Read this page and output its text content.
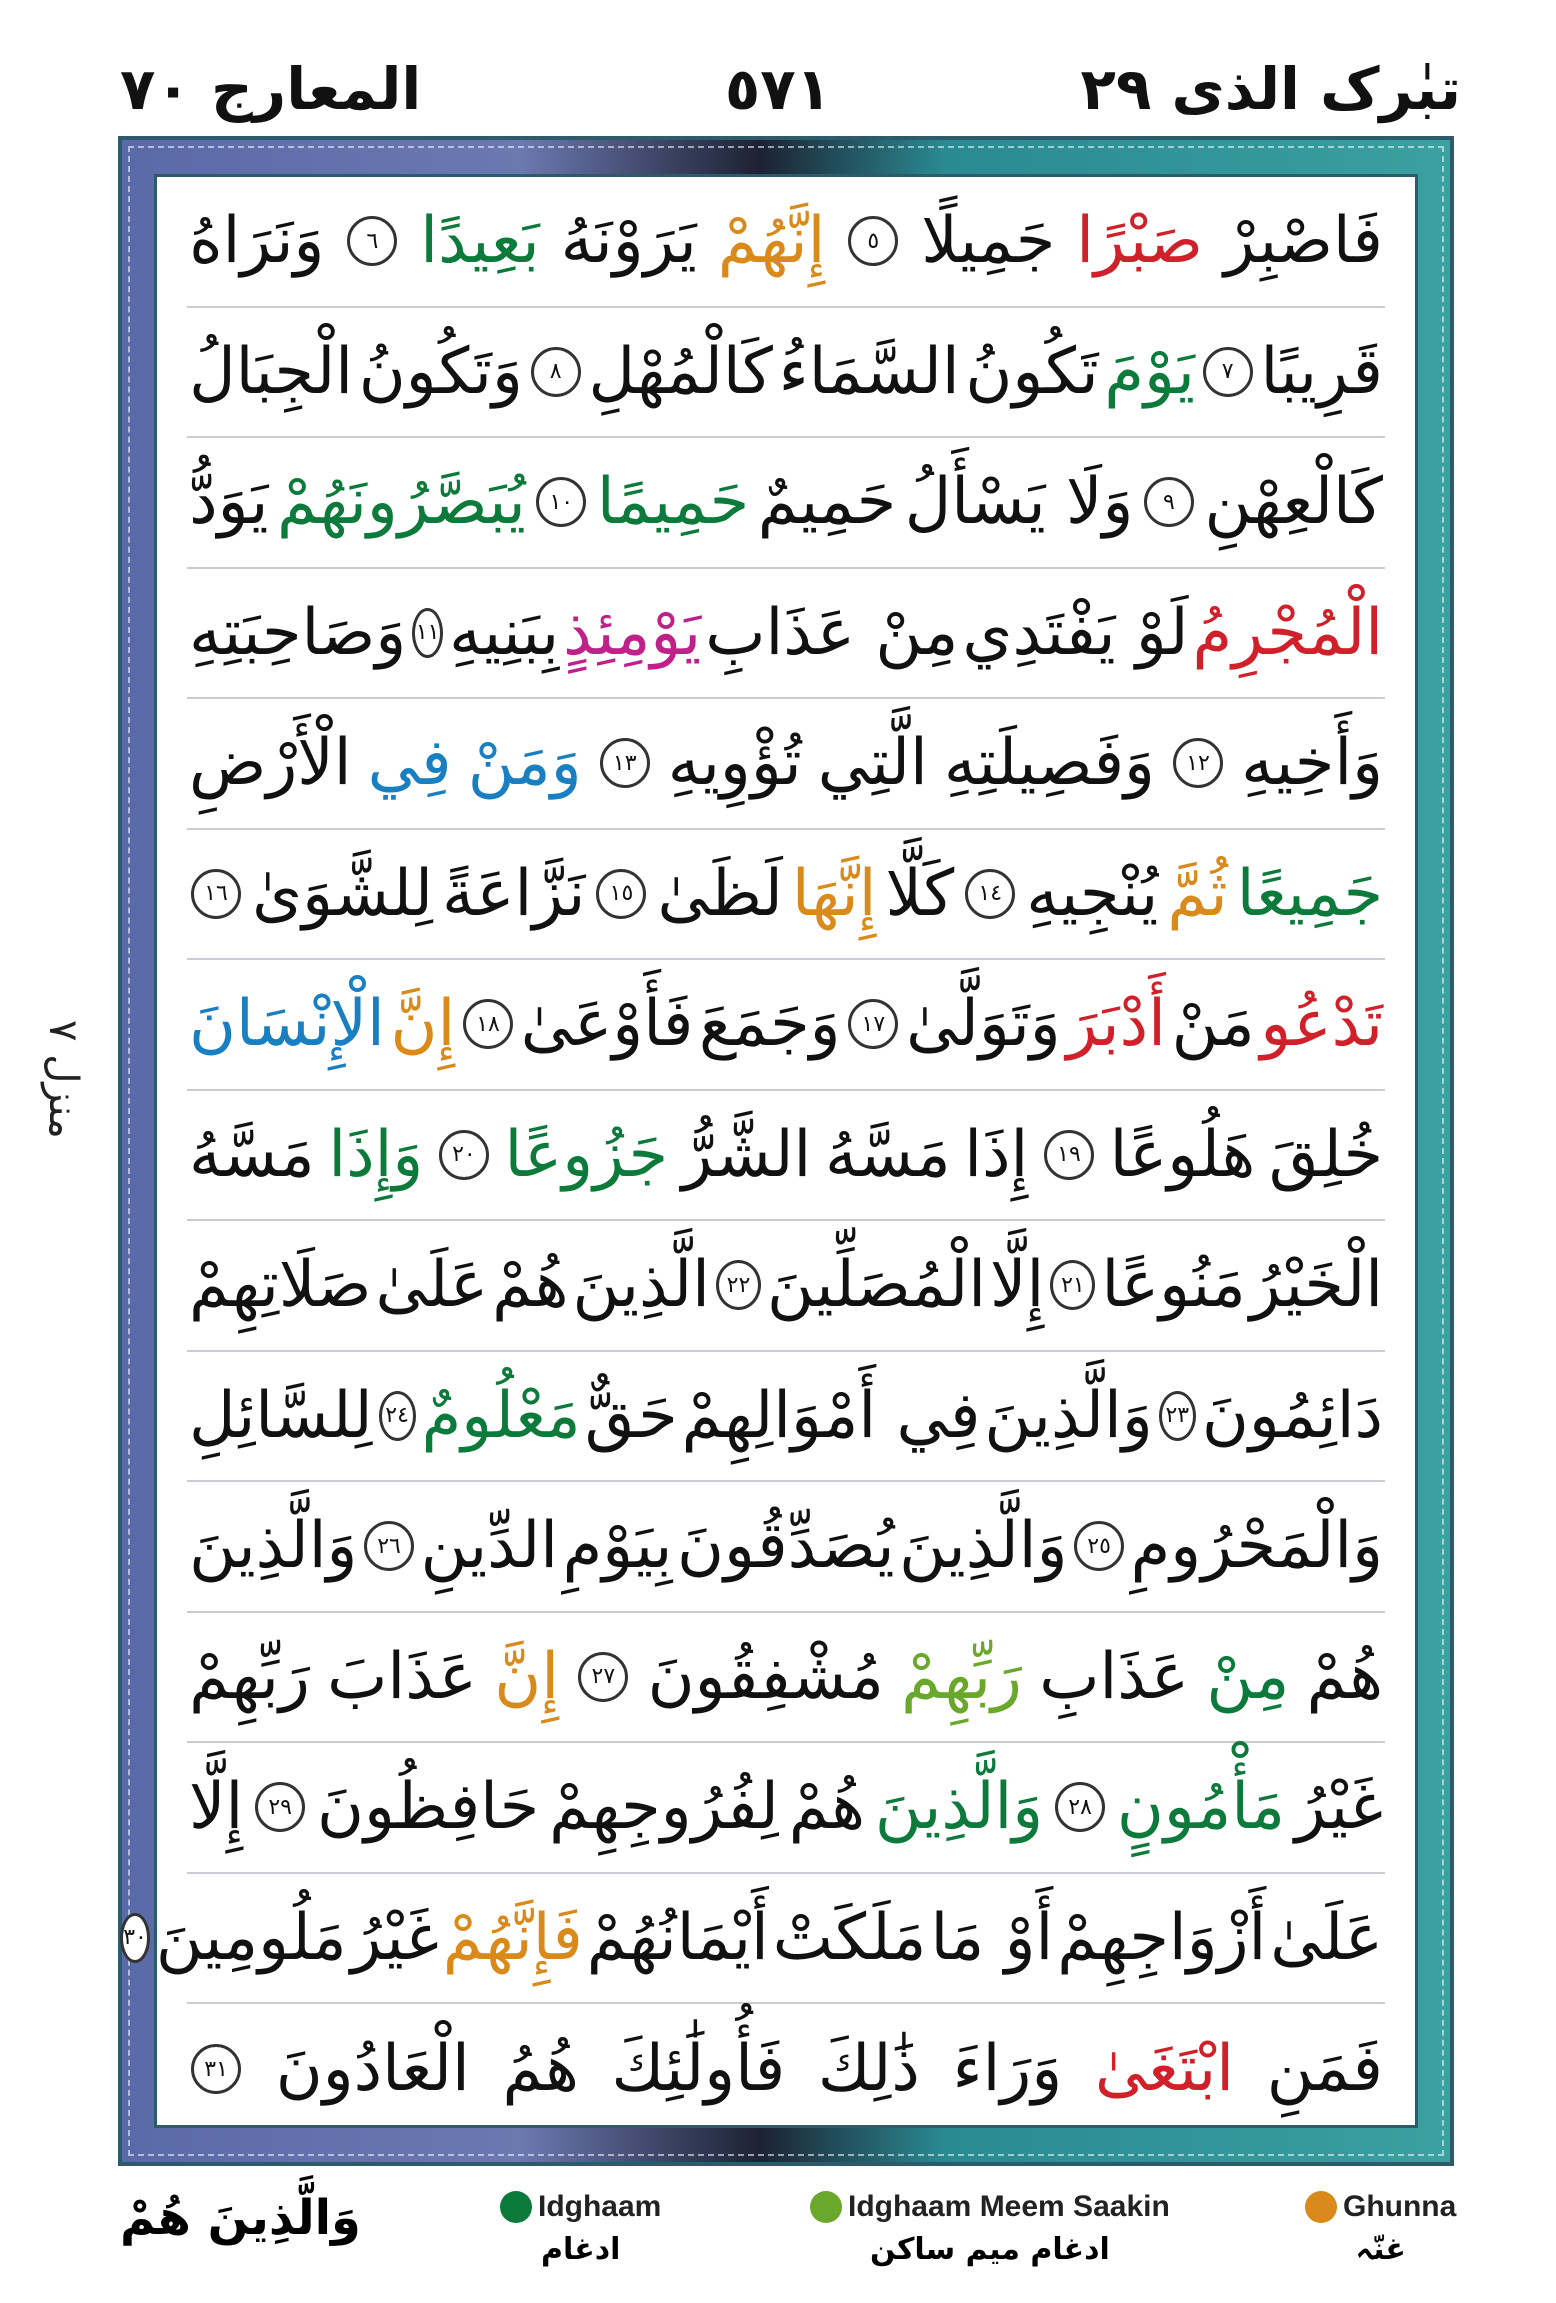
تبٰرک الذی ٢٩
٥٧١
المعارج ٧٠
منزل ٧
فَاصْبِرْ
صَبْرًا
جَمِيلًا
٥
إِنَّهُمْ
يَرَوْنَهُ
بَعِيدًا
٦
وَنَرَاهُ
قَرِيبًا
٧
يَوْمَ
تَكُونُ
السَّمَاءُ
كَالْمُهْلِ
٨
وَتَكُونُ
الْجِبَالُ
كَالْعِهْنِ
٩
وَلَا يَسْأَلُ
حَمِيمٌ
حَمِيمًا
١٠
يُبَصَّرُونَهُمْ
يَوَدُّ
الْمُجْرِمُ
لَوْ يَفْتَدِي
مِنْ عَذَابِ
يَوْمِئِذٍ
بِبَنِيهِ
١١
وَصَاحِبَتِهِ
وَأَخِيهِ
١٢
وَفَصِيلَتِهِ
الَّتِي
تُؤْوِيهِ
١٣
وَمَنْ
فِي
الْأَرْضِ
جَمِيعًا
ثُمَّ
يُنْجِيهِ
١٤
كَلَّا
إِنَّهَا
لَظَىٰ
١٥
نَزَّاعَةً
لِلشَّوَىٰ
١٦
تَدْعُو
مَنْ
أَدْبَرَ
وَتَوَلَّىٰ
١٧
وَجَمَعَ
فَأَوْعَىٰ
١٨
إِنَّ
الْإِنْسَانَ
خُلِقَ
هَلُوعًا
١٩
إِذَا
مَسَّهُ
الشَّرُّ
جَزُوعًا
٢٠
وَإِذَا
مَسَّهُ
الْخَيْرُ
مَنُوعًا
٢١
إِلَّا
الْمُصَلِّينَ
٢٢
الَّذِينَ
هُمْ
عَلَىٰ
صَلَاتِهِمْ
دَائِمُونَ
٢٣
وَالَّذِينَ
فِي أَمْوَالِهِمْ
حَقٌّ
مَعْلُومٌ
٢٤
لِلسَّائِلِ
وَالْمَحْرُومِ
٢٥
وَالَّذِينَ
يُصَدِّقُونَ
بِيَوْمِ
الدِّينِ
٢٦
وَالَّذِينَ
هُمْ
مِنْ
عَذَابِ
رَبِّهِمْ
مُشْفِقُونَ
٢٧
إِنَّ
عَذَابَ
رَبِّهِمْ
غَيْرُ
مَأْمُونٍ
٢٨
وَالَّذِينَ
هُمْ
لِفُرُوجِهِمْ
حَافِظُونَ
٢٩
إِلَّا
عَلَىٰ
أَزْوَاجِهِمْ
أَوْ مَا
مَلَكَتْ
أَيْمَانُهُمْ
فَإِنَّهُمْ
غَيْرُ
مَلُومِينَ
٣٠
فَمَنِ
ابْتَغَىٰ
وَرَاءَ
ذَٰلِكَ
فَأُولَٰئِكَ
هُمُ
الْعَادُونَ
٣١
وَالَّذِينَ هُمْ	Idghaam
ادغام
Idghaam Meem Saakin
ادغام میم ساکن
Ghunna
غنّہ
